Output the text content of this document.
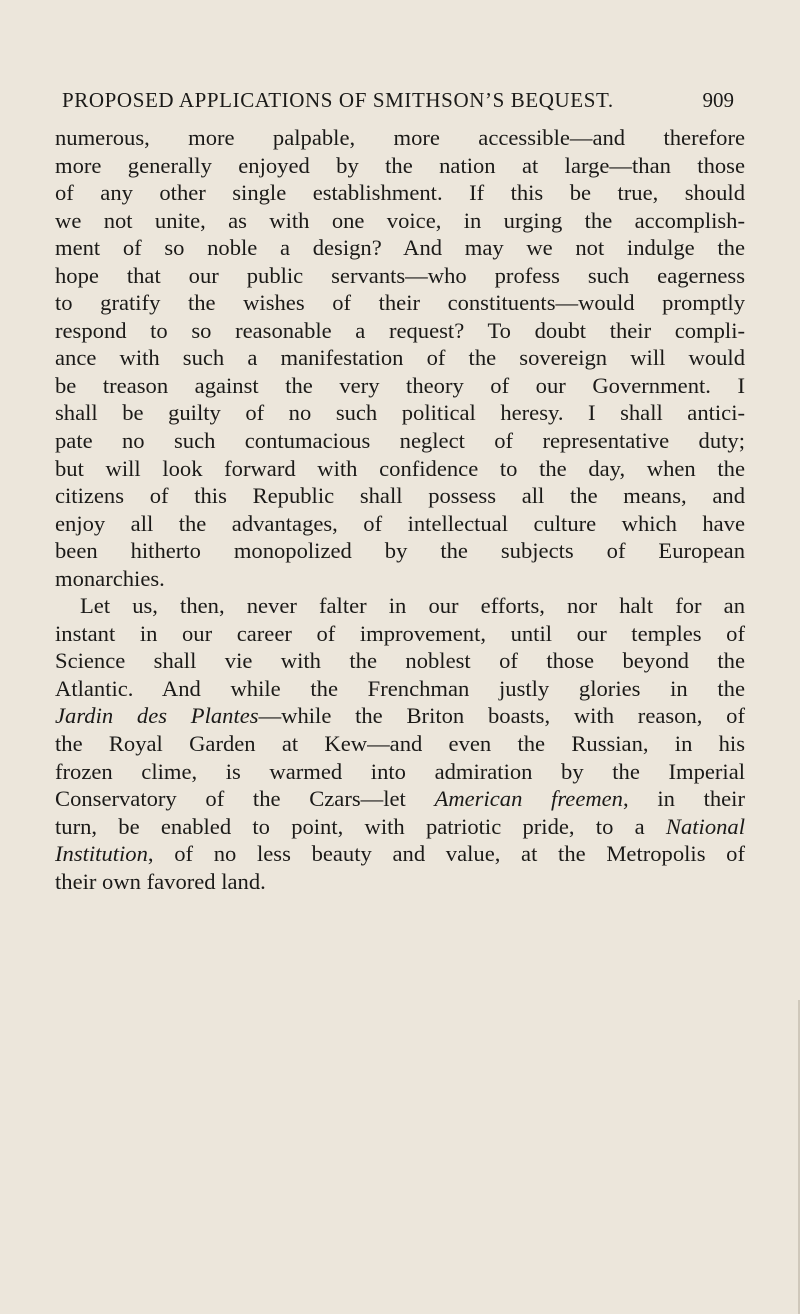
PROPOSED APPLICATIONS OF SMITHSON’S BEQUEST.	909
numerous, more palpable, more accessible—and therefore
more generally enjoyed by the nation at large—than those
of any other single establishment. If this be true, should
we not unite, as with one voice, in urging the accomplish-
ment of so noble a design? And may we not indulge the
hope that our public servants—who profess such eagerness
to gratify the wishes of their constituents—would promptly
respond to so reasonable a request? To doubt their compli-
ance with such a manifestation of the sovereign will would
be treason against the very theory of our Government. I
shall be guilty of no such political heresy. I shall antici-
pate no such contumacious neglect of representative duty;
but will look forward with confidence to the day, when the
citizens of this Republic shall possess all the means, and
enjoy all the advantages, of intellectual culture which have
been hitherto monopolized by the subjects of European
monarchies.
Let us, then, never falter in our efforts, nor halt for an
instant in our career of improvement, until our temples of
Science shall vie with the noblest of those beyond the
Atlantic. And while the Frenchman justly glories in the
Jardin des Plantes—while the Briton boasts, with reason, of
the Royal Garden at Kew—and even the Russian, in his
frozen clime, is warmed into admiration by the Imperial
Conservatory of the Czars—let American freemen, in their
turn, be enabled to point, with patriotic pride, to a National
Institution, of no less beauty and value, at the Metropolis of
their own favored land.
